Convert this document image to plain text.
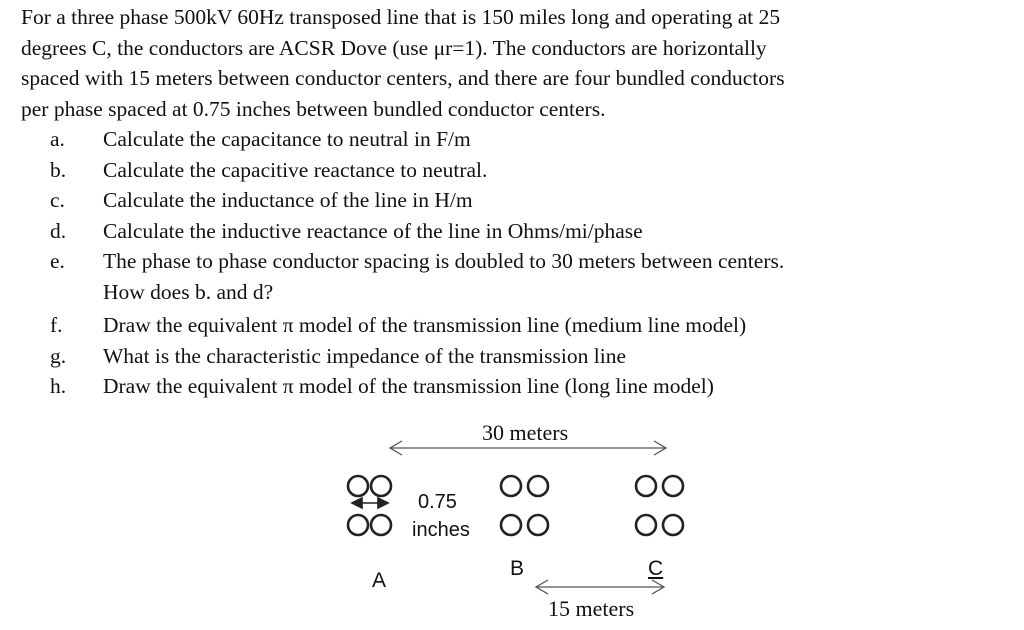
For a three phase 500kV 60Hz transposed line that is 150 miles long and operating at 25
degrees C, the conductors are ACSR Dove (use μr=1). The conductors are horizontally
spaced with 15 meters between conductor centers, and there are four bundled conductors
per phase spaced at 0.75 inches between bundled conductor centers.
a.	Calculate the capacitance to neutral in F/m
b.	Calculate the capacitive reactance to neutral.
c.	Calculate the inductance of the line in H/m
d.	Calculate the inductive reactance of the line in Ohms/mi/phase
e.	The phase to phase conductor spacing is doubled to 30 meters between centers.
How does b. and d?
f.	Draw the equivalent π model of the transmission line (medium line model)
g.	What is the characteristic impedance of the transmission line
h.	Draw the equivalent π model of the transmission line (long line model)
30 meters
15 meters
0.75
inches
A
B	C
